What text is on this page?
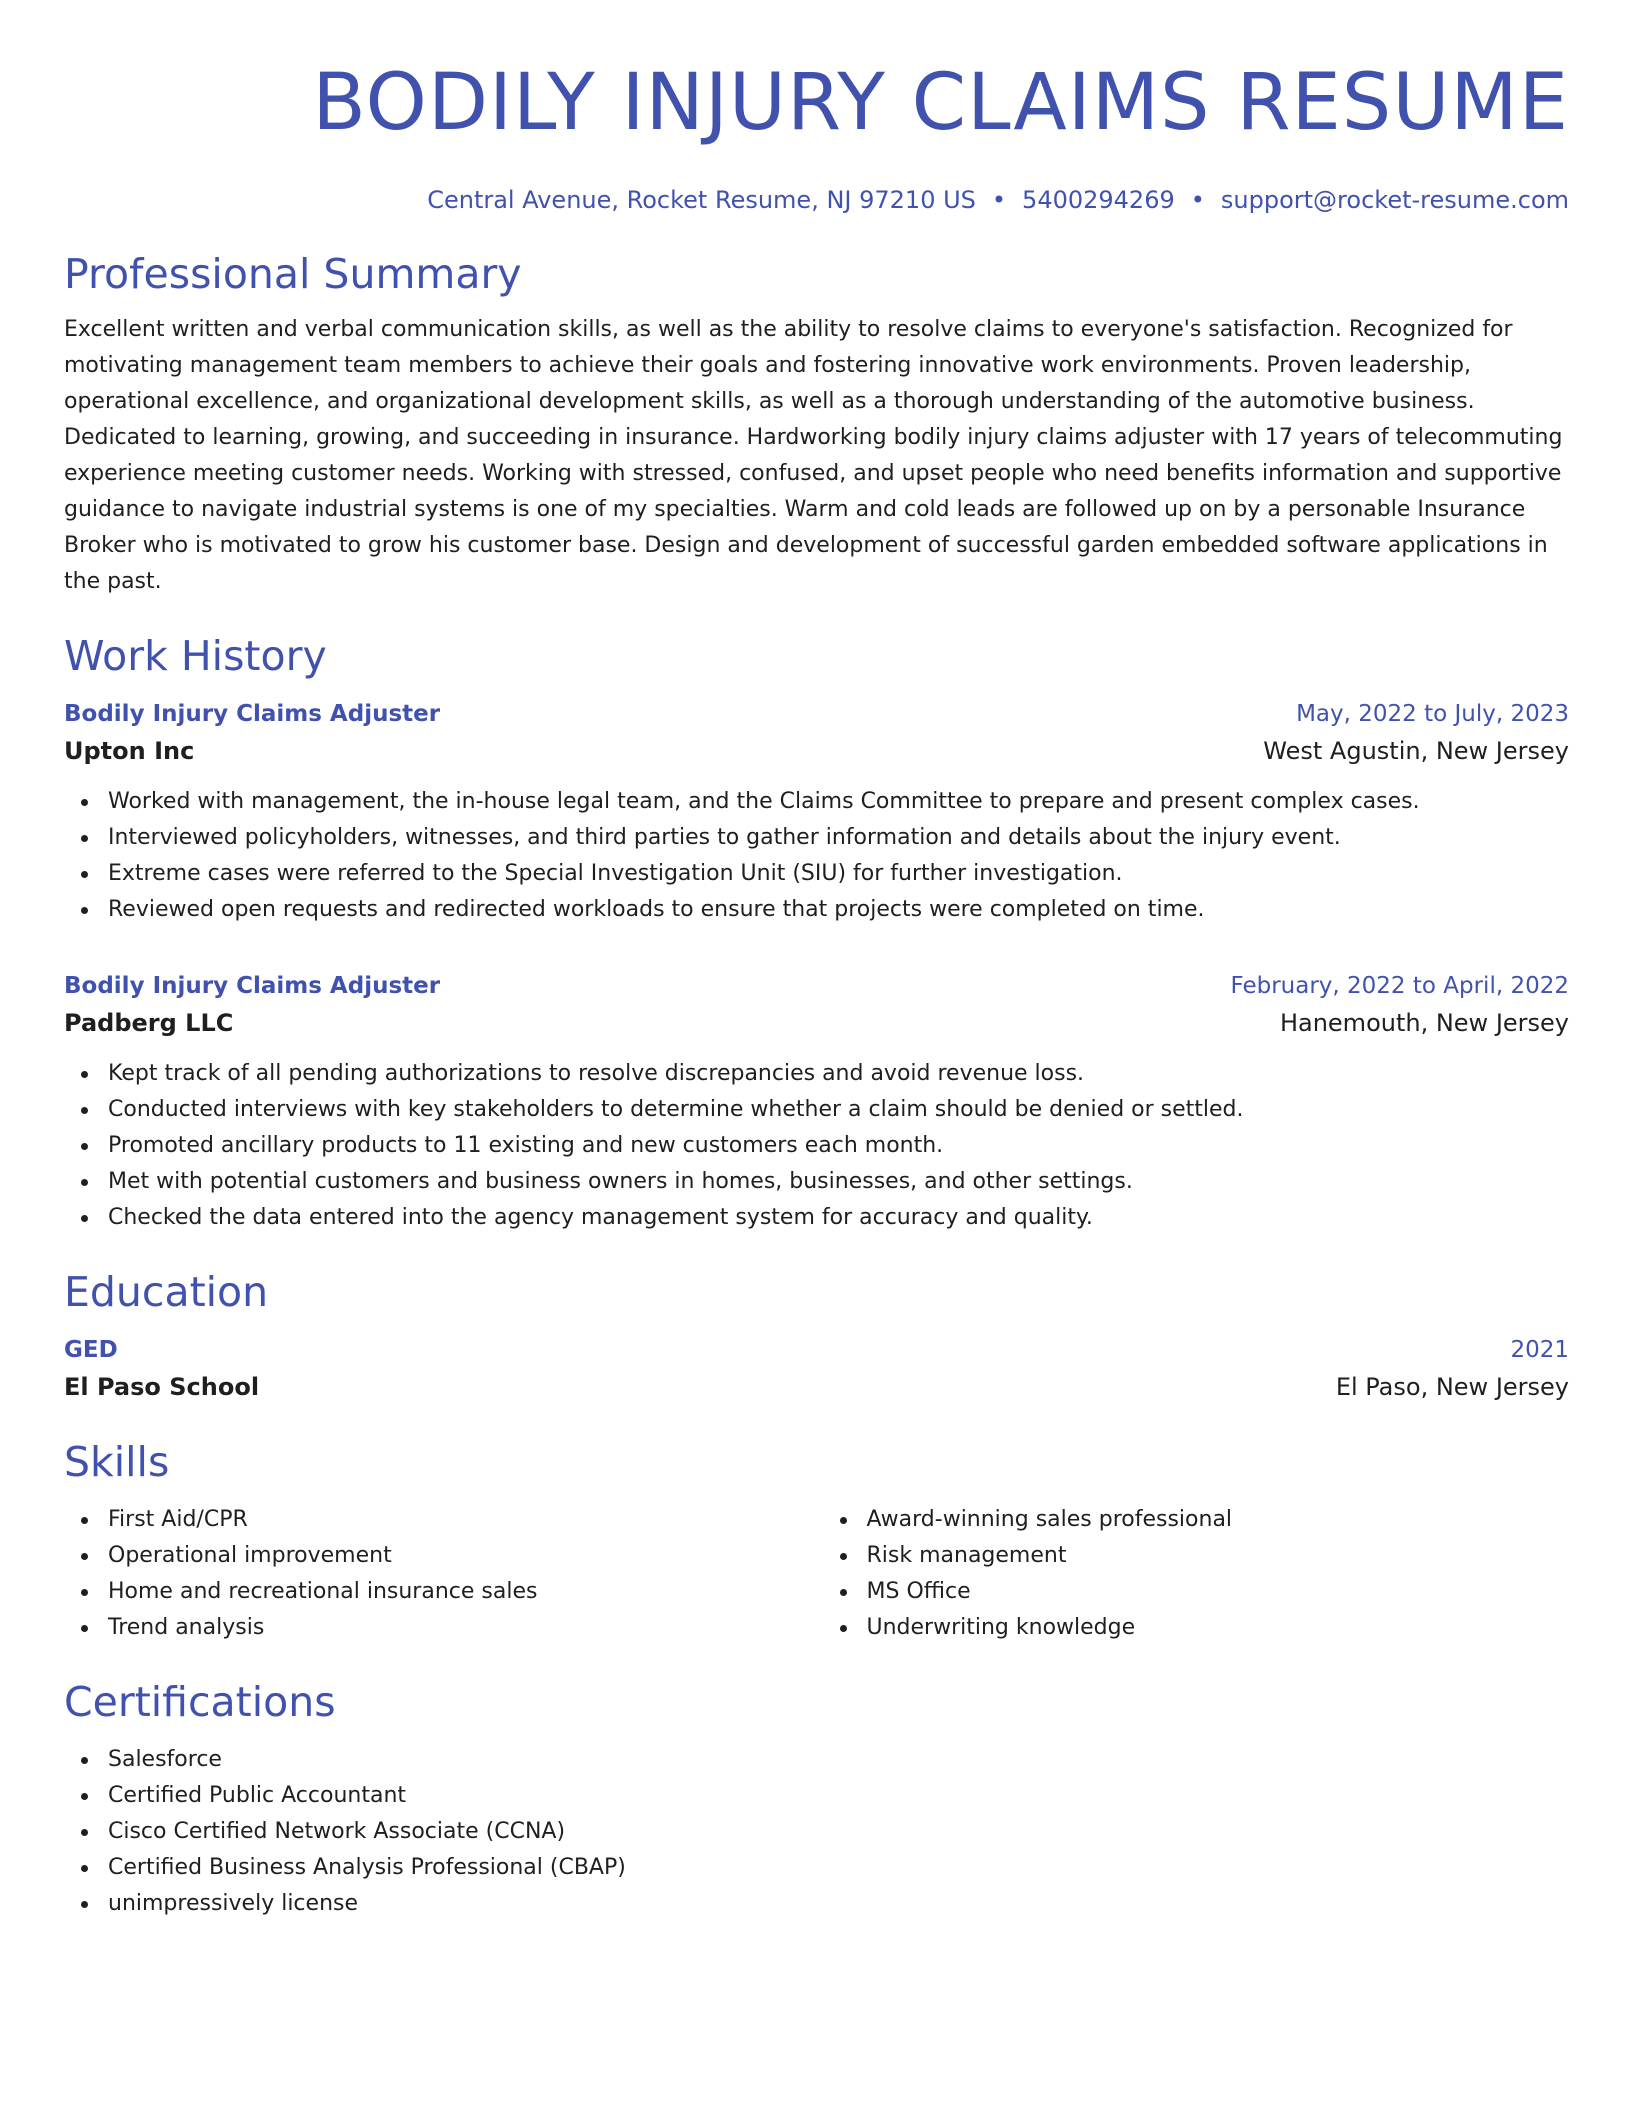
BODILY INJURY CLAIMS RESUME
Central Avenue, Rocket Resume, NJ 97210 US • 5400294269 • support@rocket-resume.com
Professional Summary
Excellent written and verbal communication skills, as well as the ability to resolve claims to everyone's satisfaction. Recognized for motivating management team members to achieve their goals and fostering innovative work environments. Proven leadership, operational excellence, and organizational development skills, as well as a thorough understanding of the automotive business. Dedicated to learning, growing, and succeeding in insurance. Hardworking bodily injury claims adjuster with 17 years of telecommuting experience meeting customer needs. Working with stressed, confused, and upset people who need benefits information and supportive guidance to navigate industrial systems is one of my specialties. Warm and cold leads are followed up on by a personable Insurance Broker who is motivated to grow his customer base. Design and development of successful garden embedded software applications in the past.
Work History
Bodily Injury Claims Adjuster	May, 2022 to July, 2023
Upton Inc	West Agustin, New Jersey
Worked with management, the in-house legal team, and the Claims Committee to prepare and present complex cases.
Interviewed policyholders, witnesses, and third parties to gather information and details about the injury event.
Extreme cases were referred to the Special Investigation Unit (SIU) for further investigation.
Reviewed open requests and redirected workloads to ensure that projects were completed on time.
Bodily Injury Claims Adjuster	February, 2022 to April, 2022
Padberg LLC	Hanemouth, New Jersey
Kept track of all pending authorizations to resolve discrepancies and avoid revenue loss.
Conducted interviews with key stakeholders to determine whether a claim should be denied or settled.
Promoted ancillary products to 11 existing and new customers each month.
Met with potential customers and business owners in homes, businesses, and other settings.
Checked the data entered into the agency management system for accuracy and quality.
Education
GED	2021
El Paso School	El Paso, New Jersey
Skills
First Aid/CPR
Operational improvement
Home and recreational insurance sales
Trend analysis
Award-winning sales professional
Risk management
MS Office
Underwriting knowledge
Certifications
Salesforce
Certified Public Accountant
Cisco Certified Network Associate (CCNA)
Certified Business Analysis Professional (CBAP)
unimpressively license
